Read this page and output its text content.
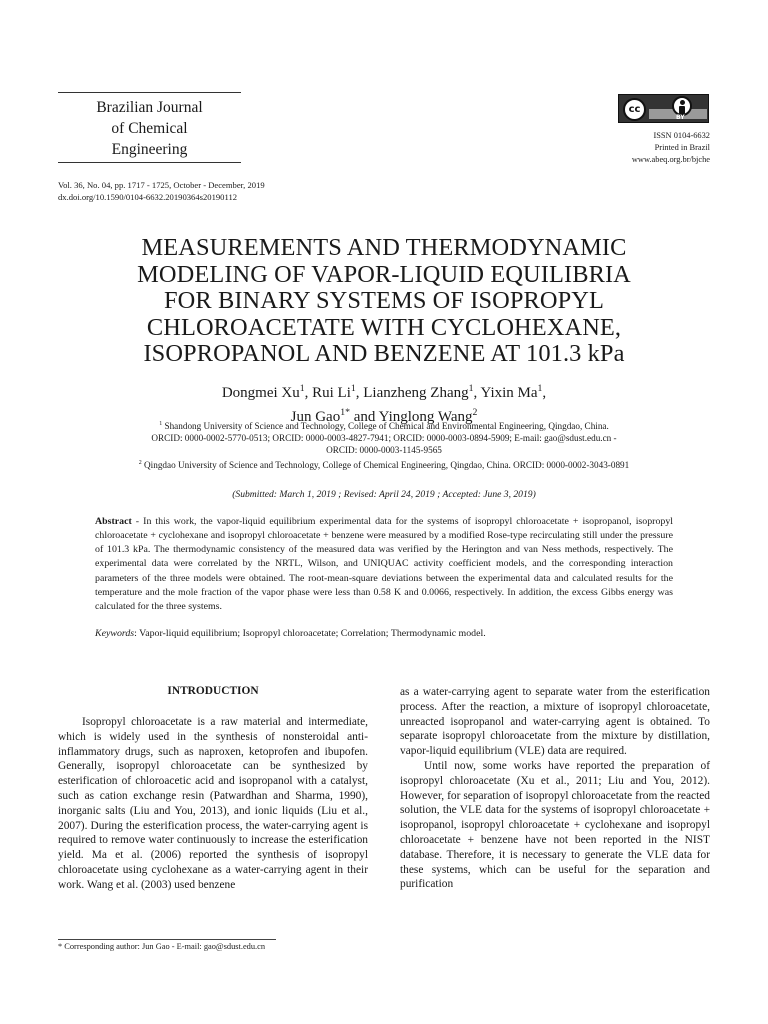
Brazilian Journal
of Chemical
Engineering
Vol. 36, No. 04, pp. 1717 - 1725, October - December, 2019
dx.doi.org/10.1590/0104-6632.20190364s20190112
cc
BY
ISSN 0104-6632
Printed in Brazil
www.abeq.org.br/bjche
MEASUREMENTS AND THERMODYNAMIC
MODELING OF VAPOR-LIQUID EQUILIBRIA
FOR BINARY SYSTEMS OF ISOPROPYL
CHLOROACETATE WITH CYCLOHEXANE,
ISOPROPANOL AND BENZENE AT 101.3 kPa
Dongmei Xu$^1$, Rui Li$^1$, Lianzheng Zhang$^1$, Yixin Ma$^1$,
Jun Gao$^{1*}$ and Yinglong Wang$^2$
$^1$ Shandong University of Science and Technology, College of Chemical and Environmental Engineering, Qingdao, China.
ORCID: 0000-0002-5770-0513; ORCID: 0000-0003-4827-7941; ORCID: 0000-0003-0894-5909; E-mail: gao@sdust.edu.cn -
ORCID: 0000-0003-1145-9565
$^2$ Qingdao University of Science and Technology, College of Chemical Engineering, Qingdao, China. ORCID: 0000-0002-3043-0891
(Submitted: March 1, 2019 ; Revised: April 24, 2019 ; Accepted: June 3, 2019)
Abstract - In this work, the vapor-liquid equilibrium experimental data for the systems of isopropyl chloroacetate + isopropanol, isopropyl chloroacetate + cyclohexane and isopropyl chloroacetate + benzene were measured by a modified Rose-type recirculating still under the pressure of 101.3 kPa. The thermodynamic consistency of the measured data was verified by the Herington and van Ness methods, respectively. The experimental data were correlated by the NRTL, Wilson, and UNIQUAC activity coefficient models, and the corresponding interaction parameters of the three models were obtained. The root-mean-square deviations between the experimental data and calculated results for the temperature and the mole fraction of the vapor phase were less than 0.58 K and 0.0066, respectively. In addition, the excess Gibbs energy was calculated for the three systems.
Keywords: Vapor-liquid equilibrium; Isopropyl chloroacetate; Correlation; Thermodynamic model.
INTRODUCTION

Isopropyl chloroacetate is a raw material and intermediate, which is widely used in the synthesis of nonsteroidal anti-inflammatory drugs, such as naproxen, ketoprofen and ibupofen. Generally, isopropyl chloroacetate can be synthesized by esterification of chloroacetic acid and isopropanol with a catalyst, such as cation exchange resin (Patwardhan and Sharma, 1990), inorganic salts (Liu and You, 2013), and ionic liquids (Liu et al., 2007). During the esterification process, the water-carrying agent is required to remove water continuously to increase the esterification yield. Ma et al. (2006) reported the synthesis of isopropyl chloroacetate using cyclohexane as a water-carrying agent in their work. Wang et al. (2003) used benzene

as a water-carrying agent to separate water from the esterification process. After the reaction, a mixture of isopropyl chloroacetate, unreacted isopropanol and water-carrying agent is obtained. To separate isopropyl chloroacetate from the mixture by distillation, vapor-liquid equilibrium (VLE) data are required.

Until now, some works have reported the preparation of isopropyl chloroacetate (Xu et al., 2011; Liu and You, 2012). However, for separation of isopropyl chloroacetate from the reacted solution, the VLE data for the systems of isopropyl chloroacetate + isopropanol, isopropyl chloroacetate + cyclohexane and isopropyl chloroacetate + benzene have not been reported in the NIST database. Therefore, it is necessary to generate the VLE data for these systems, which can be useful for the separation and purification

* Corresponding author: Jun Gao - E-mail: gao@sdust.edu.cn
